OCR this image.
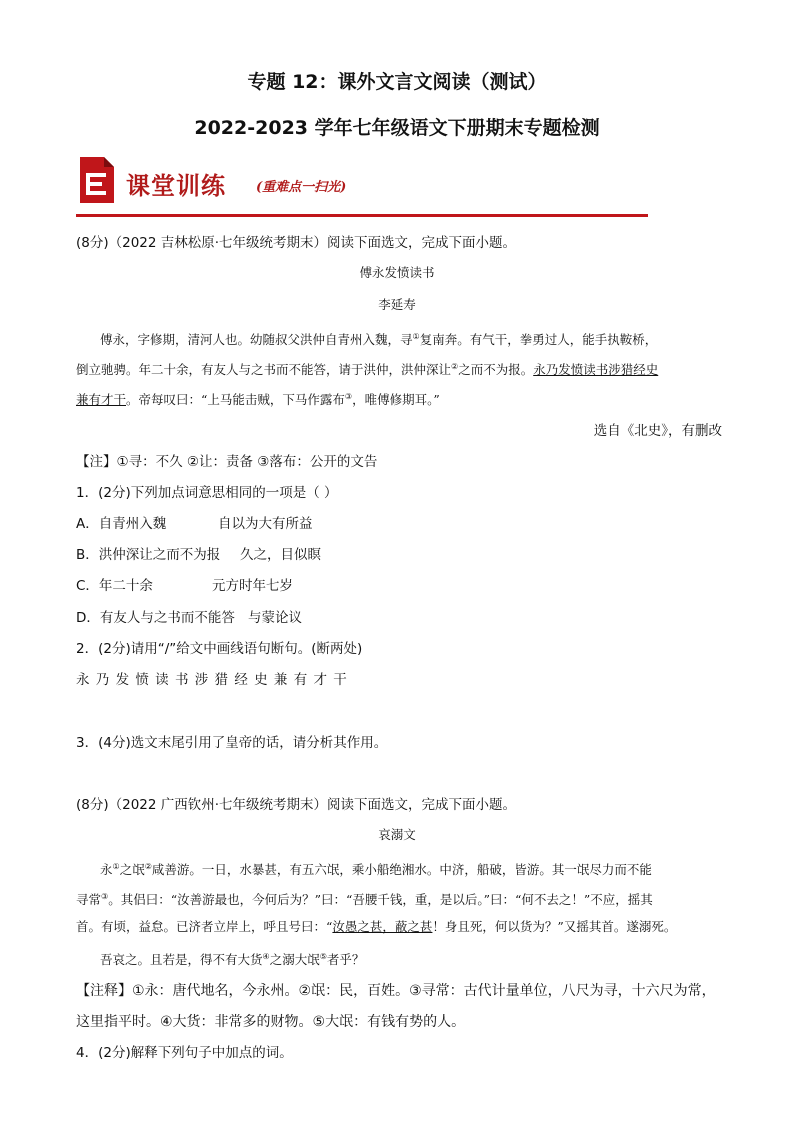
专题 12：课外文言文阅读（测试）
2022-2023 学年七年级语文下册期末专题检测
课堂训练 (重难点一扫光)
(8分)（2022 吉林松原·七年级统考期末）阅读下面选文，完成下面小题。
傅永发愤读书
李延寿
傅永，字修期，清河人也。幼随叔父洪仲自青州入魏，寻①复南奔。有气干，拳勇过人，能手执鞍桥，
倒立驰骋。年二十余，有友人与之书而不能答，请于洪仲，洪仲深让②之而不为报。永乃发愤读书涉猎经史
兼有才干。帝每叹曰：“上马能击贼，下马作露布③，唯傅修期耳。”
选自《北史》，有删改
【注】①寻：不久 ②让：责备 ③落布：公开的文告
1．(2分)下列加点词意思相同的一项是（ ）
A．自青州入魏	自以为大有所益
B．洪仲深让之而不为报 久之，目似瞑
C．年二十余	元方时年七岁
D．有友人与之书而不能答 与蒙论议
2．(2分)请用“/”给文中画线语句断句。(断两处)
永 乃 发 愤 读 书 涉 猎 经 史 兼 有 才 干
3．(4分)选文末尾引用了皇帝的话，请分析其作用。
(8分)（2022 广西钦州·七年级统考期末）阅读下面选文，完成下面小题。
哀溺文
永①之氓②咸善游。一日，水暴甚，有五六氓，乘小船绝湘水。中济，船破，皆游。其一氓尽力而不能
寻常③。其侣曰：“汝善游最也，今何后为？”曰：“吾腰千钱，重，是以后。”曰：“何不去之！”不应，摇其
首。有顷，益怠。已济者立岸上，呼且号曰：“汝愚之甚，蔽之甚！身且死，何以货为？”又摇其首。遂溺死。
吾哀之。且若是，得不有大货④之溺大氓⑤者乎？
【注释】①永：唐代地名，今永州。②氓：民，百姓。③寻常：古代计量单位，八尺为寻，十六尺为常，
这里指平时。④大货：非常多的财物。⑤大氓：有钱有势的人。
4．(2分)解释下列句子中加点的词。
